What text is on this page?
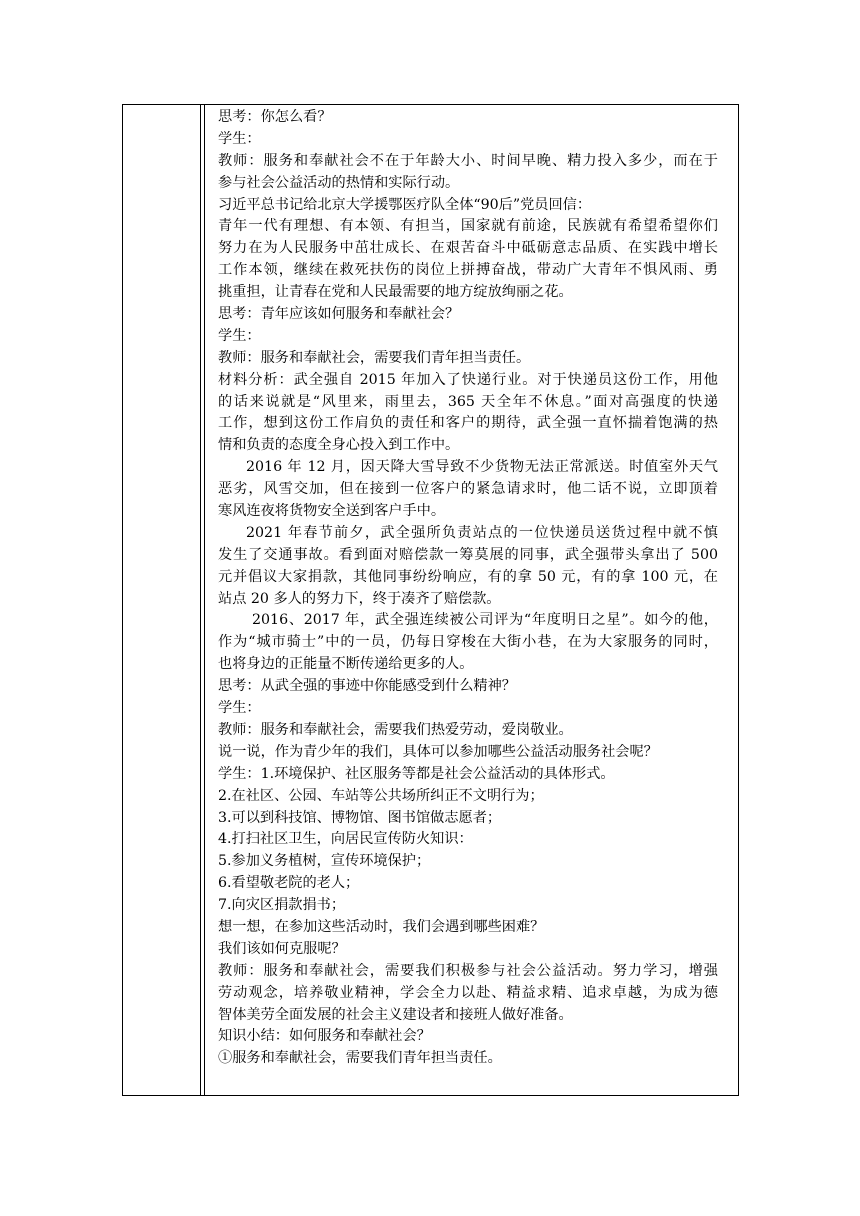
思考：你怎么看？
学生：
教师：服务和奉献社会不在于年龄大小、时间早晚、精力投入多少，而在于
参与社会公益活动的热情和实际行动。
习近平总书记给北京大学援鄂医疗队全体“90后”党员回信：
青年一代有理想、有本领、有担当，国家就有前途，民族就有希望希望你们
努力在为人民服务中茁壮成长、在艰苦奋斗中砥砺意志品质、在实践中增长
工作本领，继续在救死扶伤的岗位上拼搏奋战，带动广大青年不惧风雨、勇
挑重担，让青春在党和人民最需要的地方绽放绚丽之花。
思考：青年应该如何服务和奉献社会？
学生：
教师：服务和奉献社会，需要我们青年担当责任。
材料分析：武全强自 2015 年加入了快递行业。对于快递员这份工作，用他
的话来说就是“风里来，雨里去，365 天全年不休息。”面对高强度的快递
工作，想到这份工作肩负的责任和客户的期待，武全强一直怀揣着饱满的热
情和负责的态度全身心投入到工作中。
2016 年 12 月，因天降大雪导致不少货物无法正常派送。时值室外天气
恶劣，风雪交加，但在接到一位客户的紧急请求时，他二话不说，立即顶着
寒风连夜将货物安全送到客户手中。
2021 年春节前夕，武全强所负责站点的一位快递员送货过程中就不慎
发生了交通事故。看到面对赔偿款一筹莫展的同事，武全强带头拿出了 500
元并倡议大家捐款，其他同事纷纷响应，有的拿 50 元，有的拿 100 元，在
站点 20 多人的努力下，终于凑齐了赔偿款。
2016、2017 年，武全强连续被公司评为“年度明日之星”。如今的他，
作为“城市骑士”中的一员，仍每日穿梭在大街小巷，在为大家服务的同时，
也将身边的正能量不断传递给更多的人。
思考：从武全强的事迹中你能感受到什么精神？
学生：
教师：服务和奉献社会，需要我们热爱劳动，爱岗敬业。
说一说，作为青少年的我们，具体可以参加哪些公益活动服务社会呢？
学生：1.环境保护、社区服务等都是社会公益活动的具体形式。
2.在社区、公园、车站等公共场所纠正不文明行为；
3.可以到科技馆、博物馆、图书馆做志愿者；
4.打扫社区卫生，向居民宣传防火知识：
5.参加义务植树，宣传环境保护；
6.看望敬老院的老人；
7.向灾区捐款捐书；
想一想，在参加这些活动时，我们会遇到哪些困难？
我们该如何克服呢？
教师：服务和奉献社会，需要我们积极参与社会公益活动。努力学习，增强
劳动观念，培养敬业精神，学会全力以赴、精益求精、追求卓越，为成为德
智体美劳全面发展的社会主义建设者和接班人做好准备。
知识小结：如何服务和奉献社会？
①服务和奉献社会，需要我们青年担当责任。
